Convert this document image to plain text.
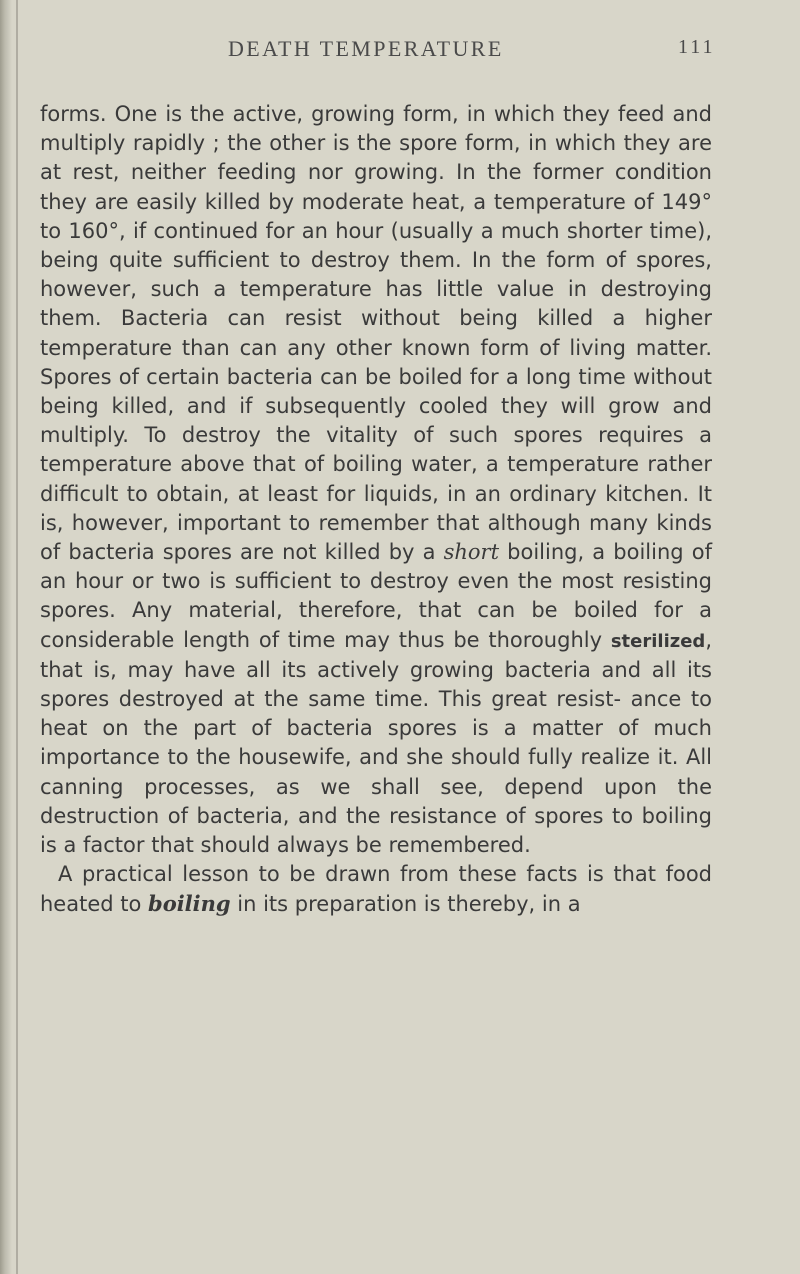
DEATH TEMPERATURE	111

forms. One is the active, growing form, in which they feed and multiply rapidly ; the other is the spore form, in which they are at rest, neither feeding nor growing. In the former condition they are easily killed by moderate heat, a temperature of 149° to 160°, if continued for an hour (usually a much shorter time), being quite sufficient to destroy them. In the form of spores, however, such a temperature has little value in destroying them. Bacteria can resist without being killed a higher temperature than can any other known form of living matter. Spores of certain bacteria can be boiled for a long time without being killed, and if subsequently cooled they will grow and multiply. To destroy the vitality of such spores requires a temperature above that of boiling water, a temperature rather difficult to obtain, at least for liquids, in an ordinary kitchen. It is, however, important to remember that although many kinds of bacteria spores are not killed by a short boiling, a boiling of an hour or two is sufficient to destroy even the most resisting spores. Any material, therefore, that can be boiled for a considerable length of time may thus be thoroughly sterilized, that is, may have all its actively growing bacteria and all its spores destroyed at the same time. This great resist- ance to heat on the part of bacteria spores is a matter of much importance to the housewife, and she should fully realize it. All canning processes, as we shall see, depend upon the destruction of bacteria, and the resistance of spores to boiling is a factor that should always be remembered.

A practical lesson to be drawn from these facts is that food heated to boiling in its preparation is thereby, in a
